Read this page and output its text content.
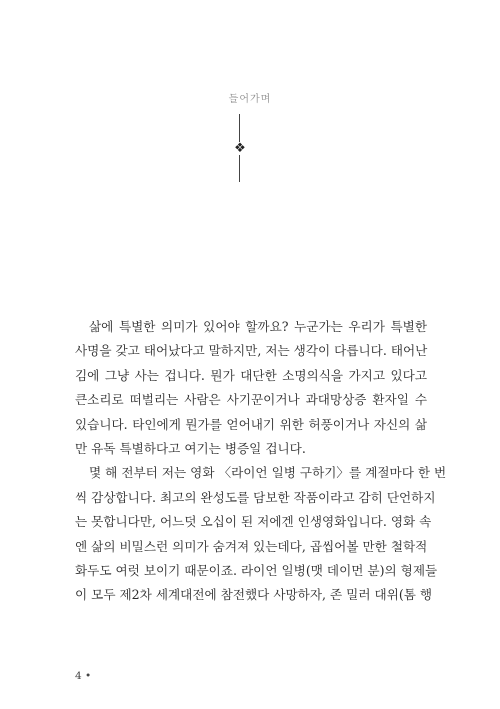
들어가며
❖
삶에 특별한 의미가 있어야 할까요? 누군가는 우리가 특별한
사명을 갖고 태어났다고 말하지만, 저는 생각이 다릅니다. 태어난
김에 그냥 사는 겁니다. 뭔가 대단한 소명의식을 가지고 있다고
큰소리로 떠벌리는 사람은 사기꾼이거나 과대망상증 환자일 수
있습니다. 타인에게 뭔가를 얻어내기 위한 허풍이거나 자신의 삶
만 유독 특별하다고 여기는 병증일 겁니다.
몇 해 전부터 저는 영화 〈라이언 일병 구하기〉를 계절마다 한 번
씩 감상합니다. 최고의 완성도를 담보한 작품이라고 감히 단언하지
는 못합니다만, 어느덧 오십이 된 저에겐 인생영화입니다. 영화 속
엔 삶의 비밀스런 의미가 숨겨져 있는데다, 곱씹어볼 만한 철학적
화두도 여럿 보이기 때문이죠. 라이언 일병(맷 데이먼 분)의 형제들
이 모두 제2차 세계대전에 참전했다 사망하자, 존 밀러 대위(톰 행
4 •
